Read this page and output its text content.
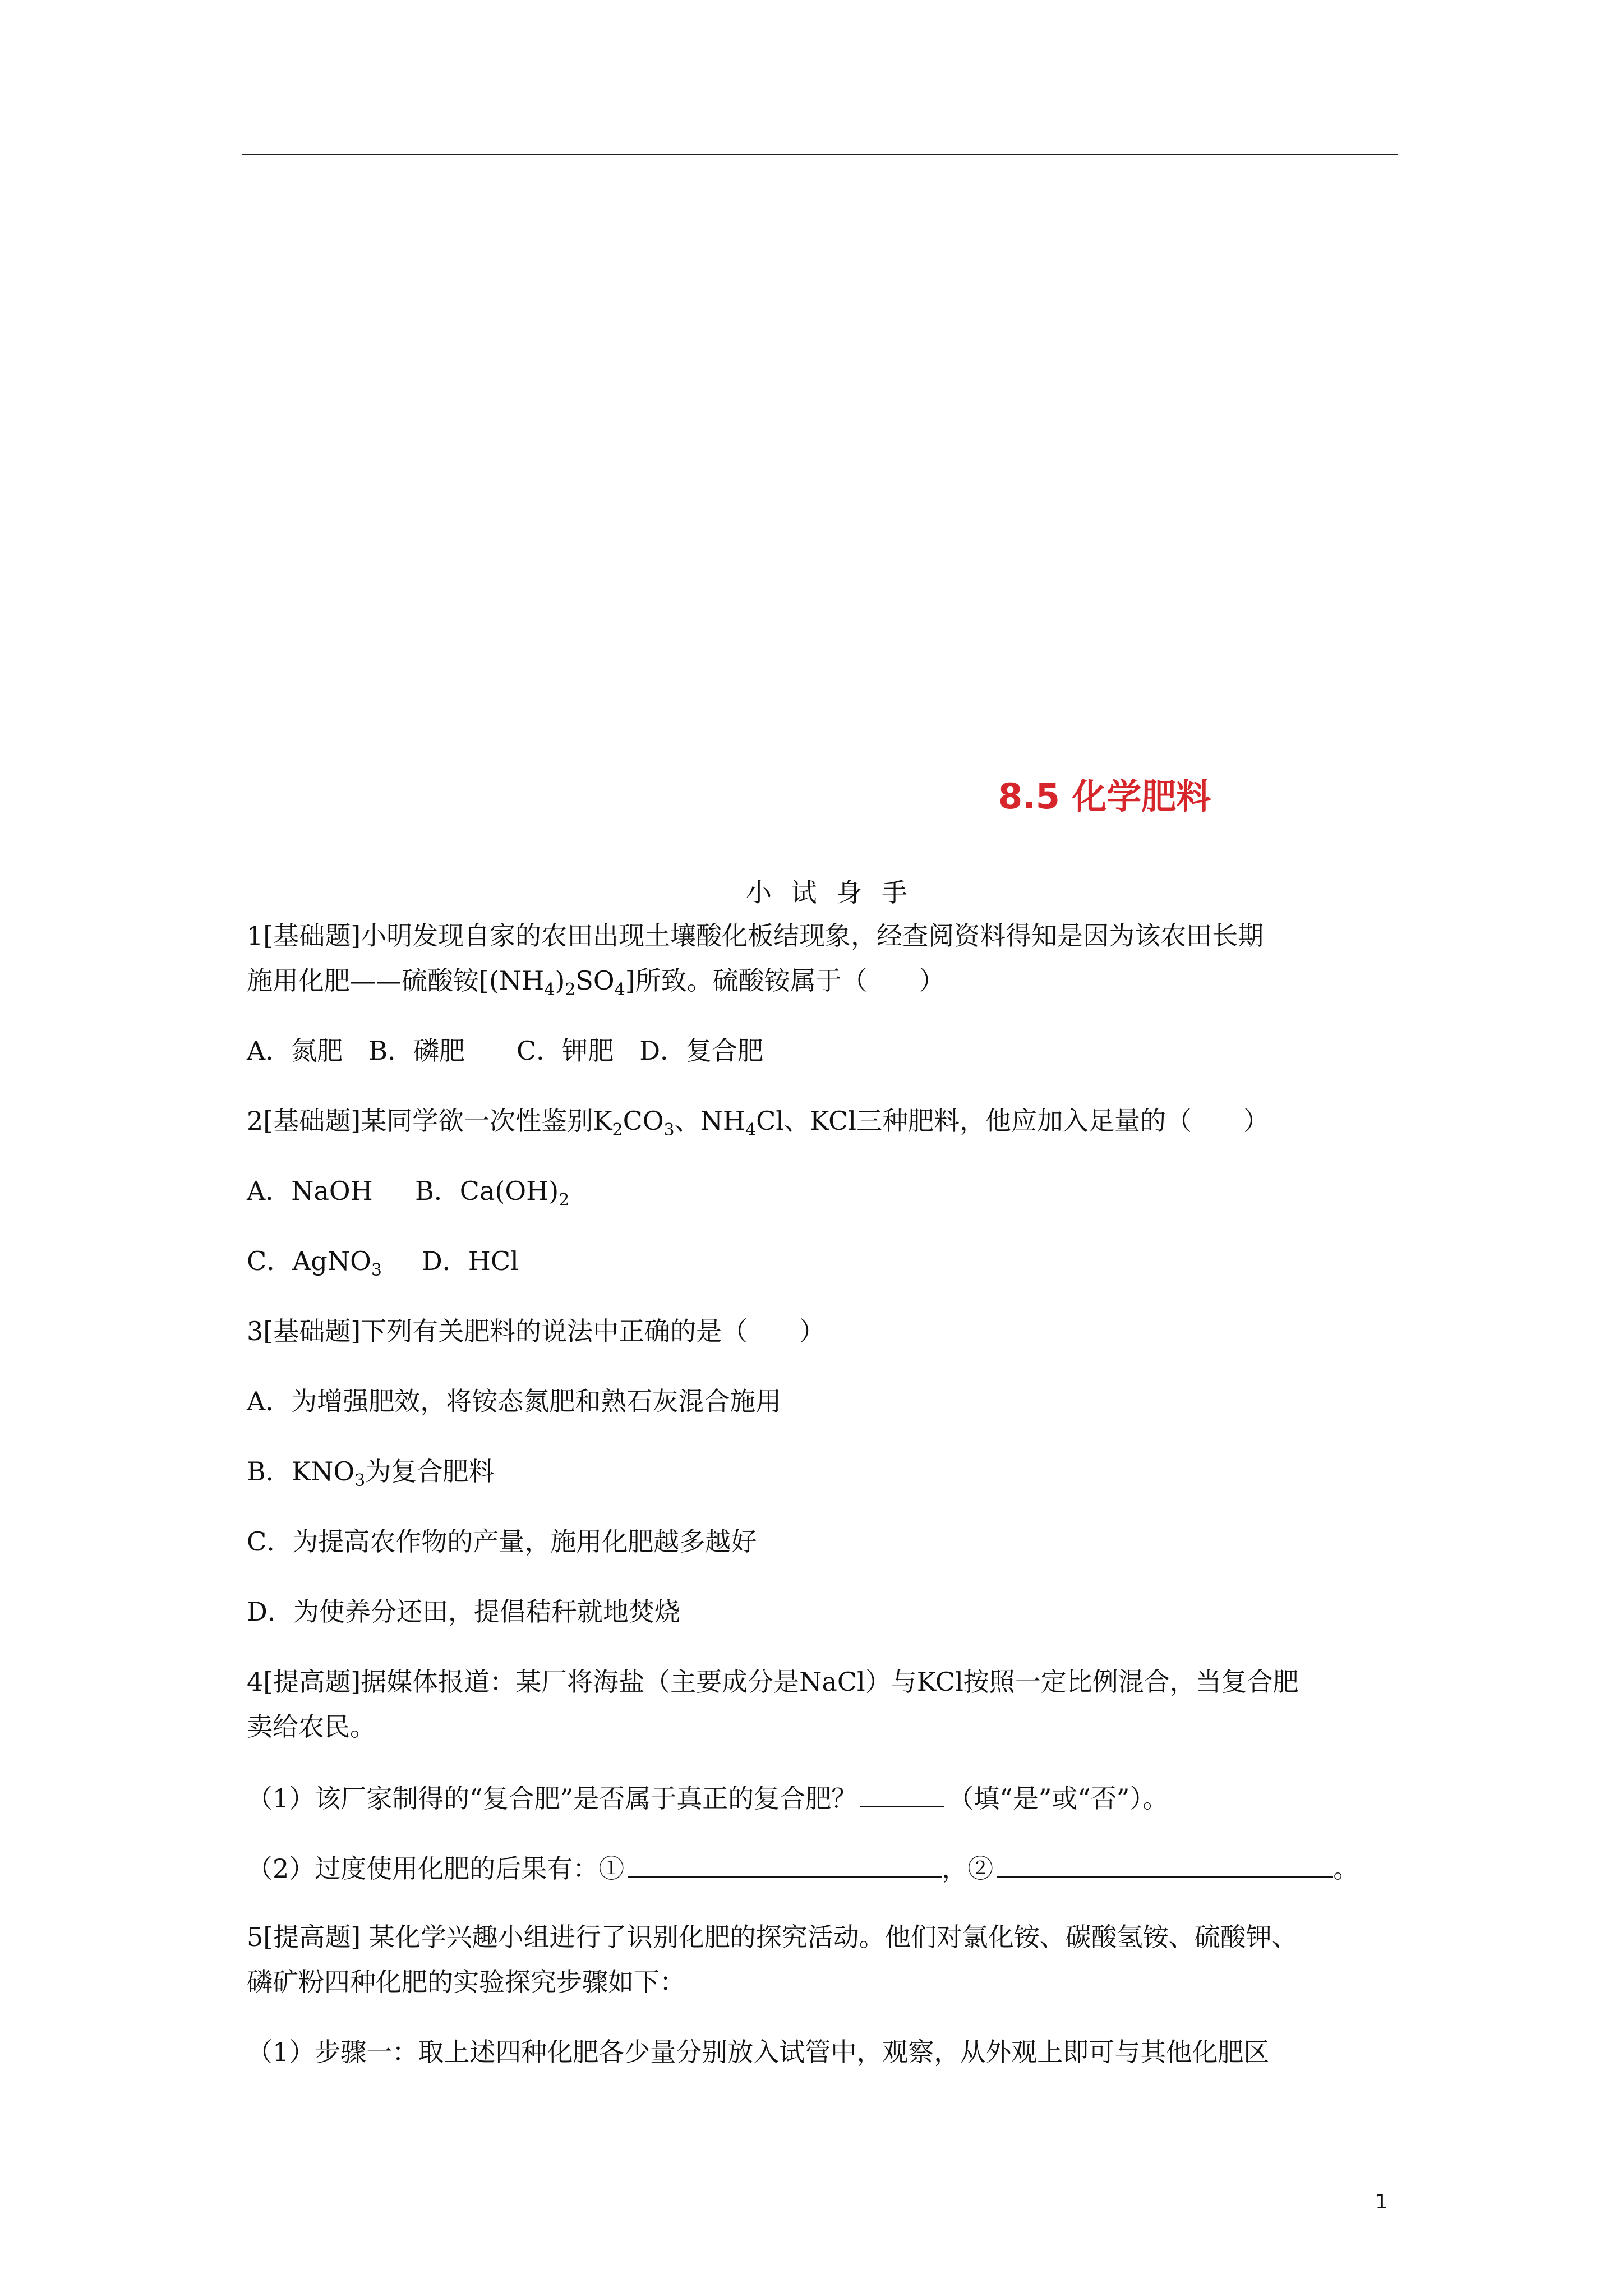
8.5 化学肥料
小 试 身 手
1[基础题]小明发现自家的农田出现土壤酸化板结现象，经查阅资料得知是因为该农田长期
施用化肥——硫酸铵$[(NH_4)_2SO_4]$所致。硫酸铵属于（　　）
A．氮肥　B．磷肥　　C．钾肥　D．复合肥
2[基础题]某同学欲一次性鉴别$K_2CO_3$、$NH_4Cl$、KCl三种肥料，他应加入足量的（　　）
A．NaOH B．$Ca(OH)_2$
C．AgNO$_3$ D．HCl
3[基础题]下列有关肥料的说法中正确的是（　　）
A．为增强肥效，将铵态氮肥和熟石灰混合施用
B．$KNO_3$为复合肥料
C．为提高农作物的产量，施用化肥越多越好
D．为使养分还田，提倡秸秆就地焚烧
4[提高题]据媒体报道：某厂将海盐（主要成分是NaCl）与KCl按照一定比例混合，当复合肥
卖给农民。
（1）该厂家制得的“复合肥”是否属于真正的复合肥？	（填“是”或“否”）。
（2）过度使用化肥的后果有：①	，②	。
5[提高题] 某化学兴趣小组进行了识别化肥的探究活动。他们对氯化铵、碳酸氢铵、硫酸钾、
磷矿粉四种化肥的实验探究步骤如下：
（1）步骤一：取上述四种化肥各少量分别放入试管中，观察，从外观上即可与其他化肥区
1
